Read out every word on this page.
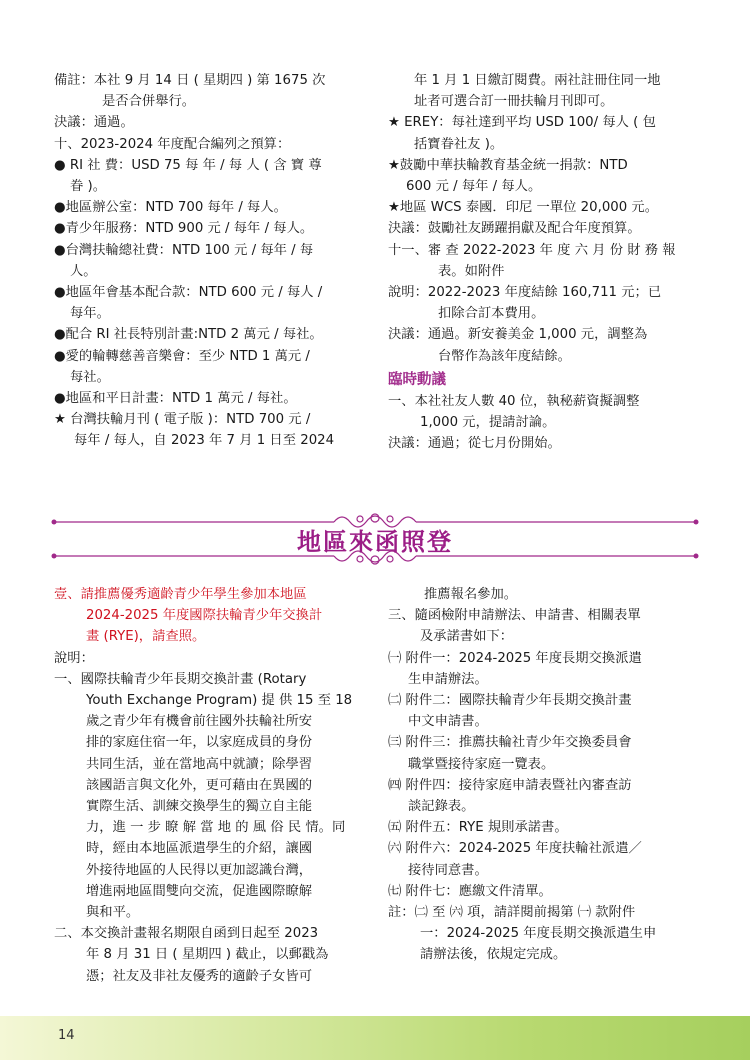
備註：本社 9 月 14 日 ( 星期四 ) 第 1675 次

是否合併舉行。

決議：通過。

十、2023-2024 年度配合編列之預算：

● RI 社 費：USD 75 每 年 / 每 人 ( 含 寶 尊

眷 )。

●地區辦公室：NTD 700 每年 / 每人。

●青少年服務：NTD 900 元 / 每年 / 每人。

●台灣扶輪總社費：NTD 100 元 / 每年 / 每

人。

●地區年會基本配合款：NTD 600 元 / 每人 /

每年。

●配合 RI 社長特別計畫:NTD 2 萬元 / 每社。

●愛的輪轉慈善音樂會：至少 NTD 1 萬元 /

每社。

●地區和平日計畫：NTD 1 萬元 / 每社。

★ 台灣扶輪月刊 ( 電子版 )：NTD 700 元 /

每年 / 每人，自 2023 年 7 月 1 日至 2024

年 1 月 1 日繳訂閱費。兩社註冊住同一地

址者可選合訂一冊扶輪月刊即可。

★ EREY：每社達到平均 USD 100/ 每人 ( 包

括寶眷社友 )。

★鼓勵中華扶輪教育基金統一捐款：NTD

600 元 / 每年 / 每人。

★地區 WCS 泰國．印尼 一單位 20,000 元。

決議：鼓勵社友踴躍捐獻及配合年度預算。

十一、審 查 2022-2023 年 度 六 月 份 財 務 報

表。如附件

說明：2022-2023 年度結餘 160,711 元；已

扣除合訂本費用。

決議：通過。新安養美金 1,000 元，調整為

台幣作為該年度結餘。

臨時動議

一、本社社友人數 40 位，執秘薪資擬調整

1,000 元，提請討論。

決議：通過；從七月份開始。

地區來函照登

壹、請推薦優秀適齡青少年學生參加本地區

2024-2025 年度國際扶輪青少年交換計

畫 (RYE)，請查照。

說明：

一、國際扶輪青少年長期交換計畫 (Rotary

Youth Exchange Program) 提 供 15 至 18

歲之青少年有機會前往國外扶輪社所安

排的家庭住宿一年，以家庭成員的身份

共同生活，並在當地高中就讀；除學習

該國語言與文化外，更可藉由在異國的

實際生活、訓練交換學生的獨立自主能

力，進 一 步 瞭 解 當 地 的 風 俗 民 情。同

時，經由本地區派遣學生的介紹，讓國

外接待地區的人民得以更加認識台灣，

增進兩地區間雙向交流，促進國際瞭解

與和平。

二、本交換計畫報名期限自函到日起至 2023

年 8 月 31 日 ( 星期四 ) 截止，以郵戳為

憑；社友及非社友優秀的適齡子女皆可

推薦報名參加。

三、隨函檢附申請辦法、申請書、相關表單

及承諾書如下：

㈠ 附件一：2024-2025 年度長期交換派遣

生申請辦法。

㈡ 附件二：國際扶輪青少年長期交換計畫

中文申請書。

㈢ 附件三：推薦扶輪社青少年交換委員會

職掌暨接待家庭一覽表。

㈣ 附件四：接待家庭申請表暨社內審查訪

談記錄表。

㈤ 附件五：RYE 規則承諾書。

㈥ 附件六：2024-2025 年度扶輪社派遣／

接待同意書。

㈦ 附件七：應繳文件清單。

註：㈡ 至 ㈥ 項，請詳閱前揭第 ㈠ 款附件

一：2024-2025 年度長期交換派遣生申

請辦法後，依規定完成。

14
